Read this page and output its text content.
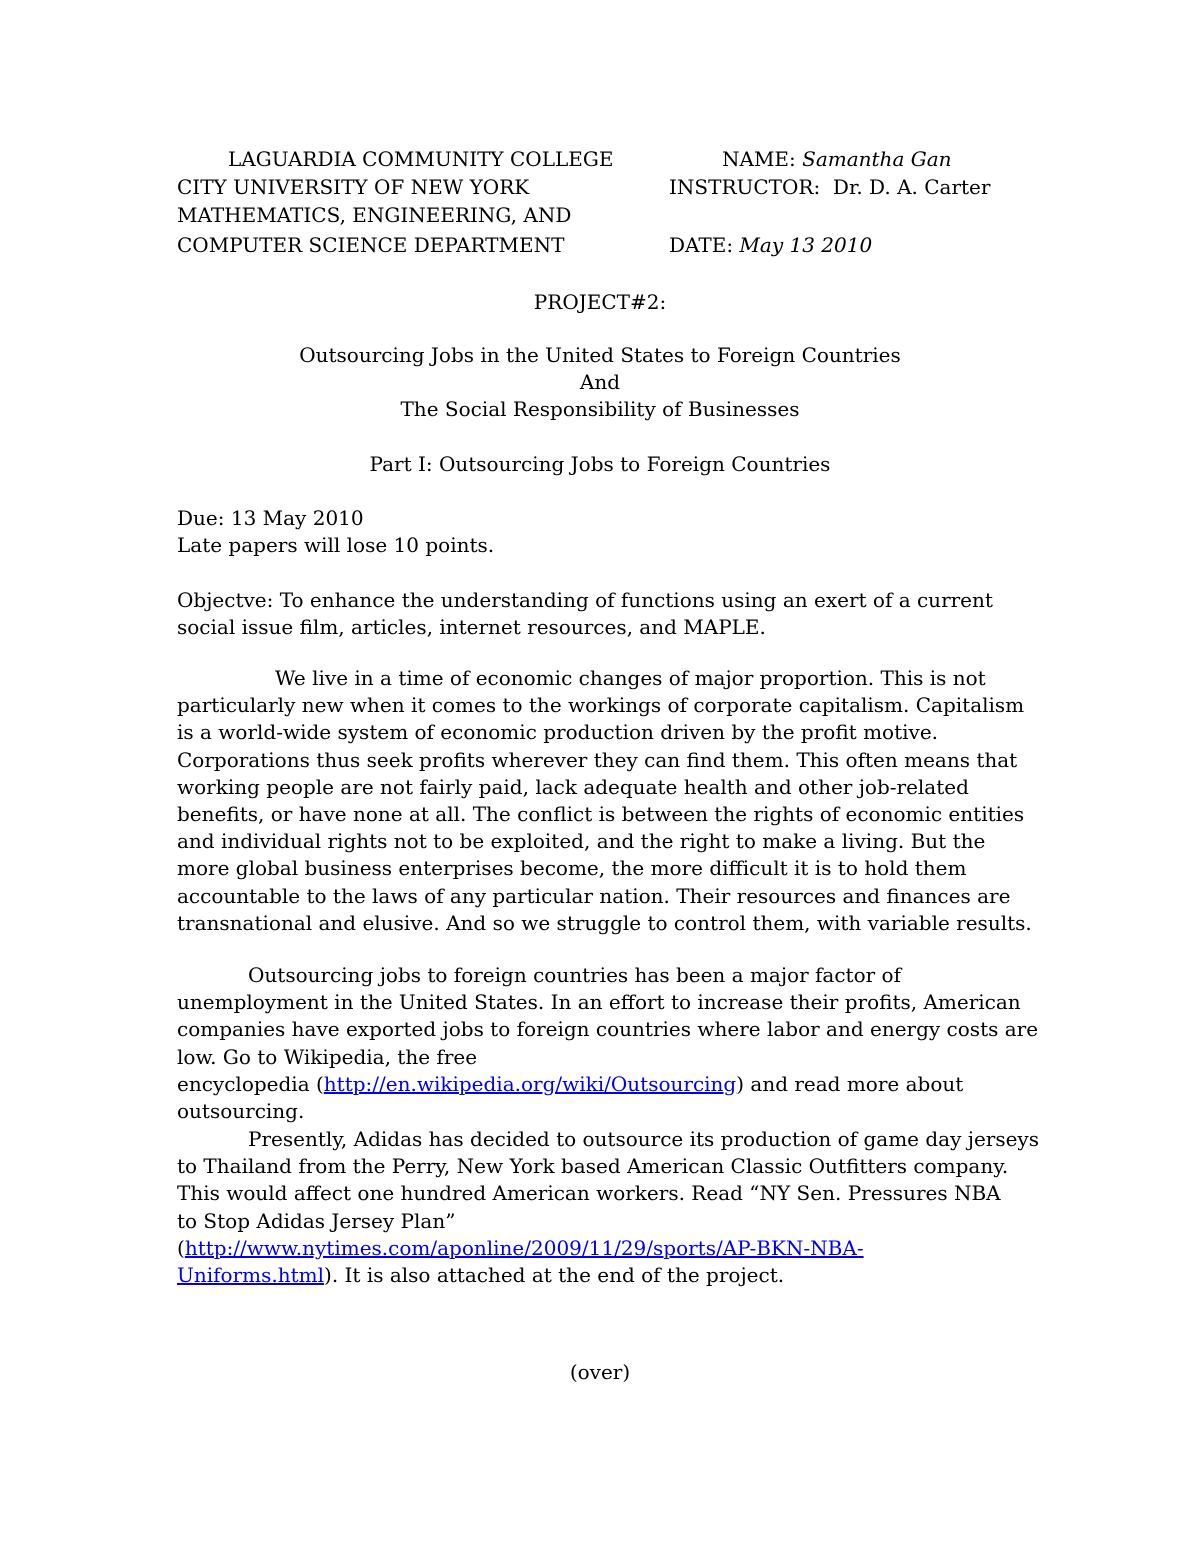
LAGUARDIA COMMUNITY COLLEGE
CITY UNIVERSITY OF NEW YORK
MATHEMATICS, ENGINEERING, AND
COMPUTER SCIENCE DEPARTMENT
NAME: Samantha Gan
INSTRUCTOR: Dr. D. A. Carter
DATE: May 13 2010
PROJECT#2:
Outsourcing Jobs in the United States to Foreign Countries
And
The Social Responsibility of Businesses
Part I: Outsourcing Jobs to Foreign Countries
Due: 13 May 2010
Late papers will lose 10 points.
Objectve: To enhance the understanding of functions using an exert of a current
social issue film, articles, internet resources, and MAPLE.
We live in a time of economic changes of major proportion. This is not
particularly new when it comes to the workings of corporate capitalism. Capitalism
is a world-wide system of economic production driven by the profit motive.
Corporations thus seek profits wherever they can find them. This often means that
working people are not fairly paid, lack adequate health and other job-related
benefits, or have none at all. The conflict is between the rights of economic entities
and individual rights not to be exploited, and the right to make a living. But the
more global business enterprises become, the more difficult it is to hold them
accountable to the laws of any particular nation. Their resources and finances are
transnational and elusive. And so we struggle to control them, with variable results.
Outsourcing jobs to foreign countries has been a major factor of
unemployment in the United States. In an effort to increase their profits, American
companies have exported jobs to foreign countries where labor and energy costs are
low. Go to Wikipedia, the free
encyclopedia (http://en.wikipedia.org/wiki/Outsourcing) and read more about
outsourcing.
Presently, Adidas has decided to outsource its production of game day jerseys
to Thailand from the Perry, New York based American Classic Outfitters company.
This would affect one hundred American workers. Read “NY Sen. Pressures NBA
to Stop Adidas Jersey Plan”
(http://www.nytimes.com/aponline/2009/11/29/sports/AP-BKN-NBA-
Uniforms.html). It is also attached at the end of the project.
(over)
